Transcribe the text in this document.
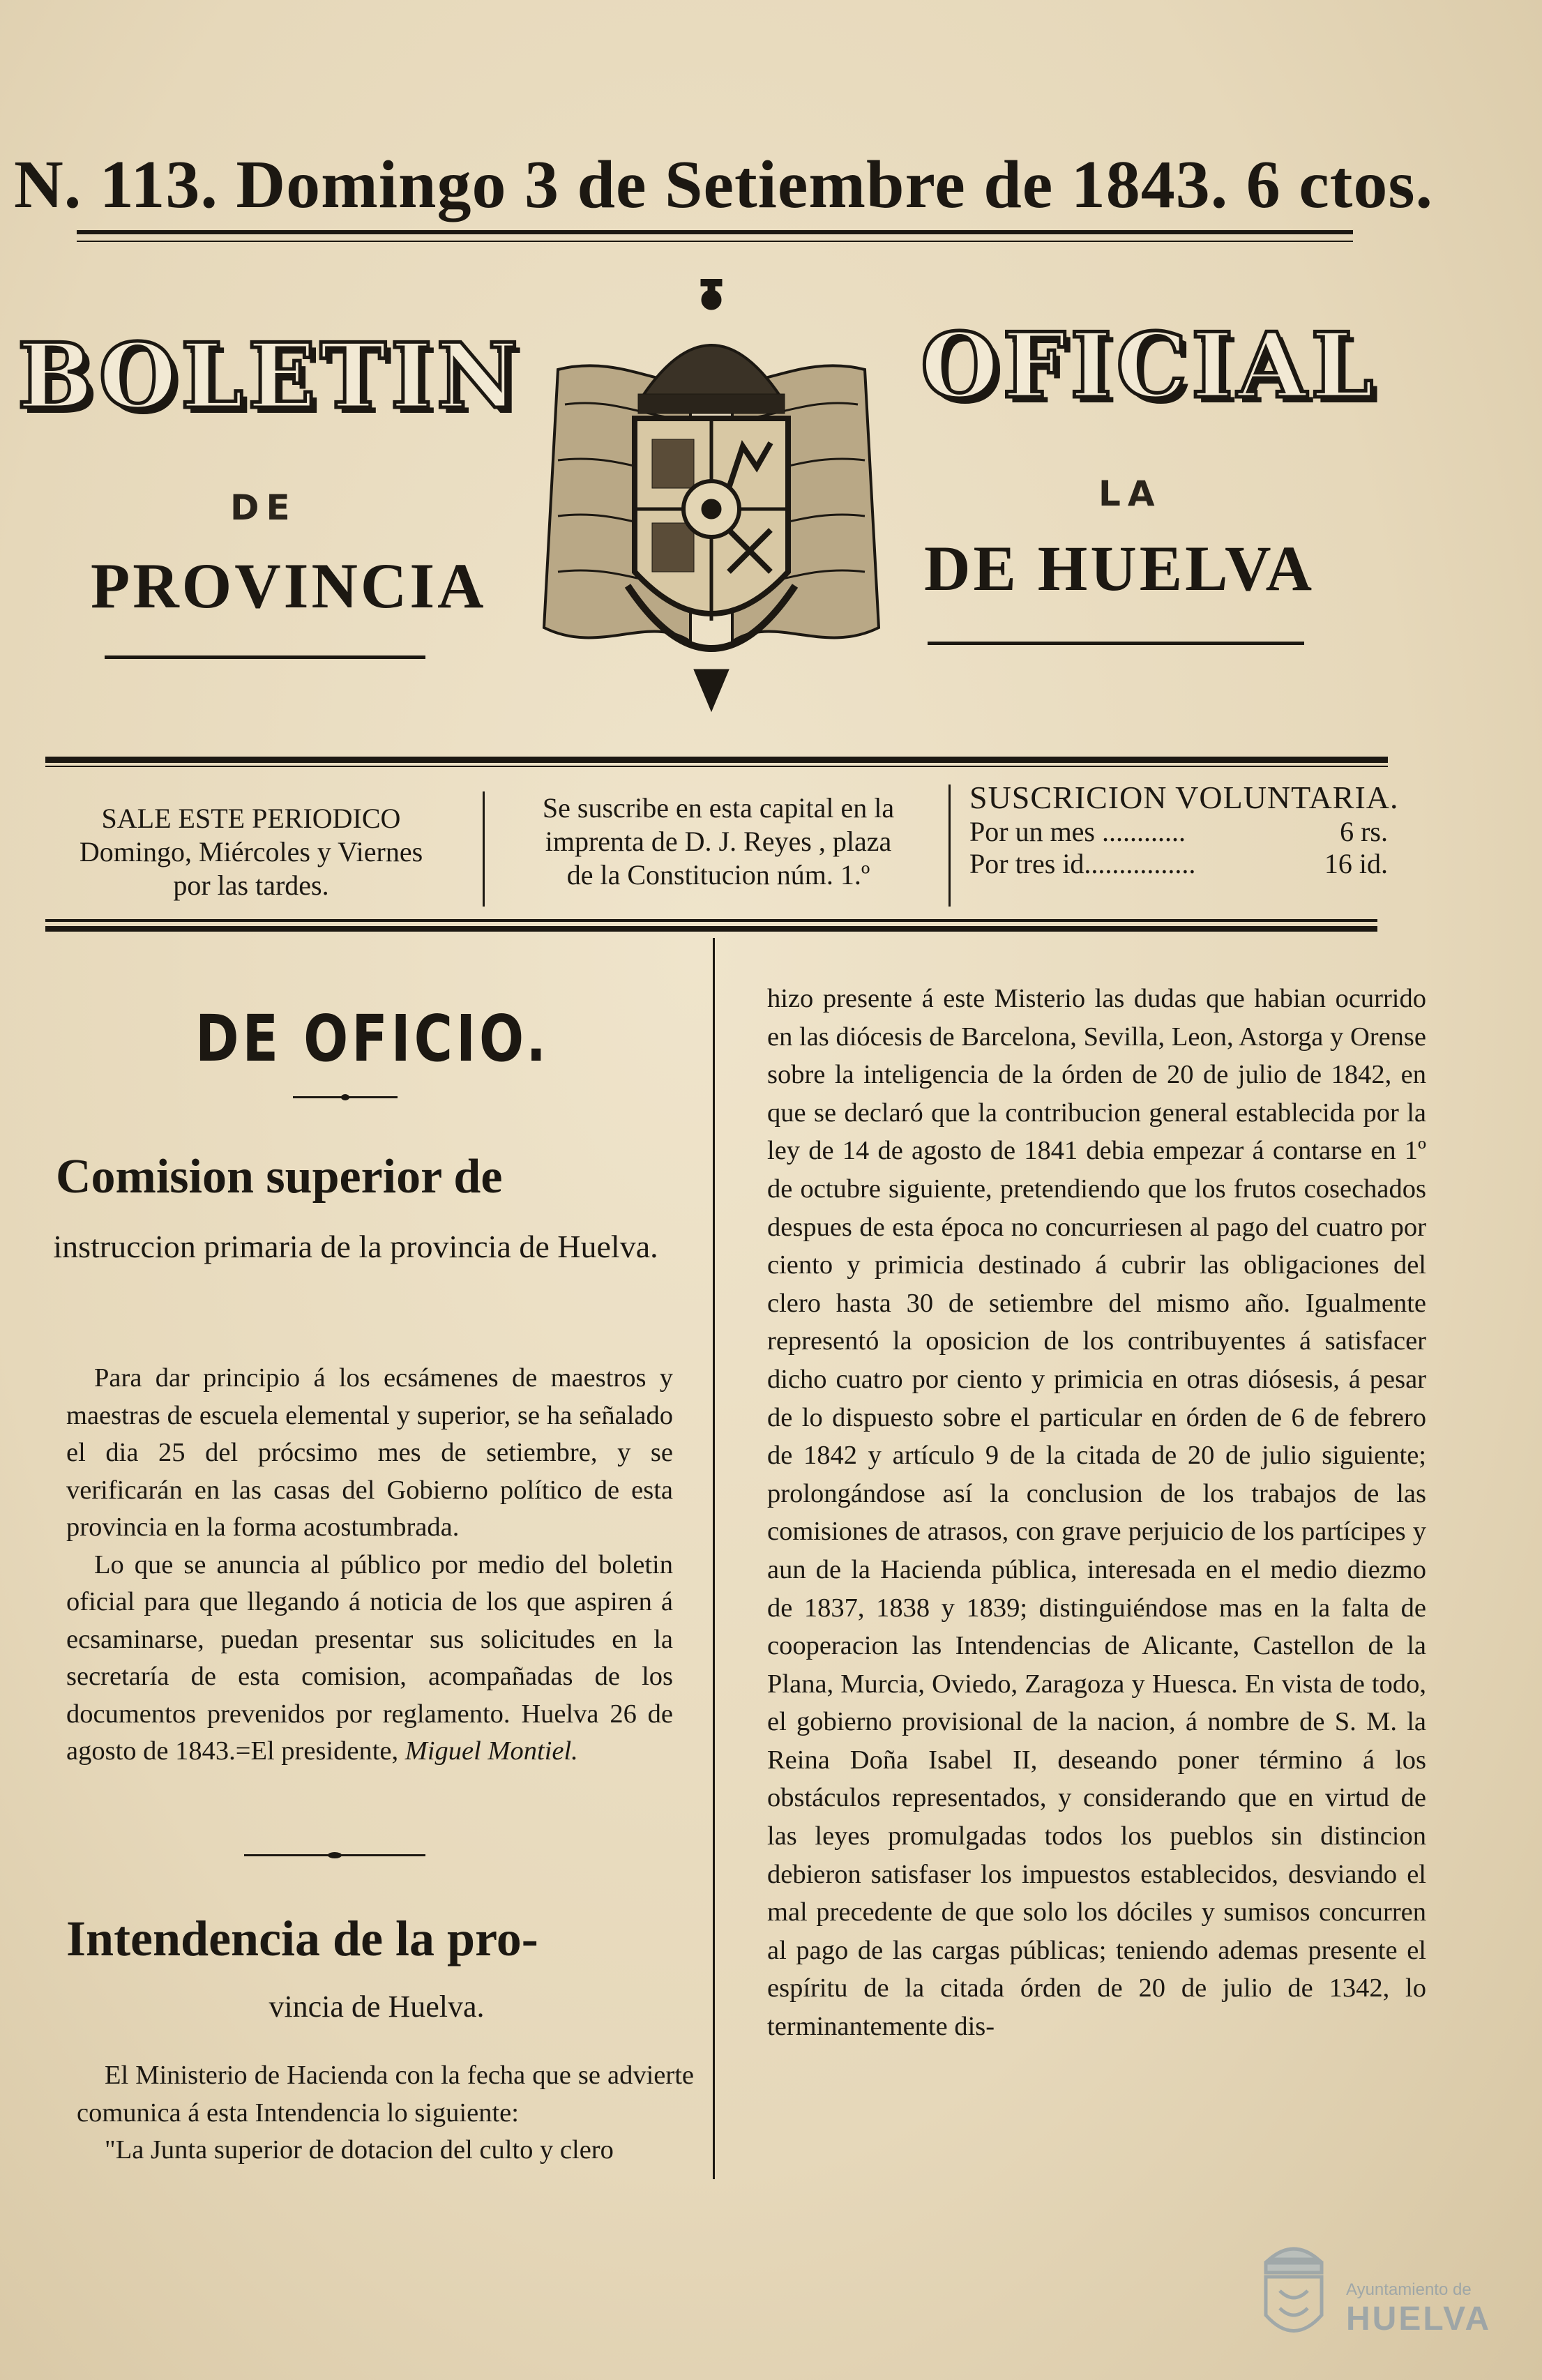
N. 113. Domingo 3 de Setiembre de 1843. 6 ctos.
BOLETIN	OFICIAL
DE	LA
PROVINCIA	DE HUELVA
SALE ESTE PERIODICO
Domingo, Miércoles y Viernes
por las tardes.
Se suscribe en esta capital en la
imprenta de D. J. Reyes , plaza
de la Constitucion núm. 1.º
SUSCRICION VOLUNTARIA.
Por un mes ............	6 rs.
Por tres id................	16 id.
DE OFICIO.
Comision superior de
instruccion primaria de la provincia de Huelva.

Para dar principio á los ecsámenes de maestros y maestras de escuela elemental y superior, se ha señalado el dia 25 del prócsimo mes de setiembre, y se verificarán en las casas del Gobierno político de esta provincia en la forma acostumbrada.

Lo que se anuncia al público por medio del boletin oficial para que llegando á noticia de los que aspiren á ecsaminarse, puedan presentar sus solicitudes en la secretaría de esta comision, acompañadas de los documentos prevenidos por reglamento. Huelva 26 de agosto de 1843.=El presidente, Miguel Montiel.

Intendencia de la pro-
vincia de Huelva.

El Ministerio de Hacienda con la fecha que se advierte comunica á esta Intendencia lo siguiente:

"La Junta superior de dotacion del culto y clero

hizo presente á este Misterio las dudas que habian ocurrido en las diócesis de Barcelona, Sevilla, Leon, Astorga y Orense sobre la inteligencia de la órden de 20 de julio de 1842, en que se declaró que la contribucion general establecida por la ley de 14 de agosto de 1841 debia empezar á contarse en 1º de octubre siguiente, pretendiendo que los frutos cosechados despues de esta época no concurriesen al pago del cuatro por ciento y primicia destinado á cubrir las obligaciones del clero hasta 30 de setiembre del mismo año. Igualmente representó la oposicion de los contribuyentes á satisfacer dicho cuatro por ciento y primicia en otras diósesis, á pesar de lo dispuesto sobre el particular en órden de 6 de febrero de 1842 y artículo 9 de la citada de 20 de julio siguiente; prolongándose así la conclusion de los trabajos de las comisiones de atrasos, con grave perjuicio de los partícipes y aun de la Hacienda pública, interesada en el medio diezmo de 1837, 1838 y 1839; distinguiéndose mas en la falta de cooperacion las Intendencias de Alicante, Castellon de la Plana, Murcia, Oviedo, Zaragoza y Huesca. En vista de todo, el gobierno provisional de la nacion, á nombre de S. M. la Reina Doña Isabel II, deseando poner término á los obstáculos representados, y considerando que en virtud de las leyes promulgadas todos los pueblos sin distincion debieron satisfaser los impuestos establecidos, desviando el mal precedente de que solo los dóciles y sumisos concurren al pago de las cargas públicas; teniendo ademas presente el espíritu de la citada órden de 20 de julio de 1342, lo terminantemente dis-

Ayuntamiento de
HUELVA
